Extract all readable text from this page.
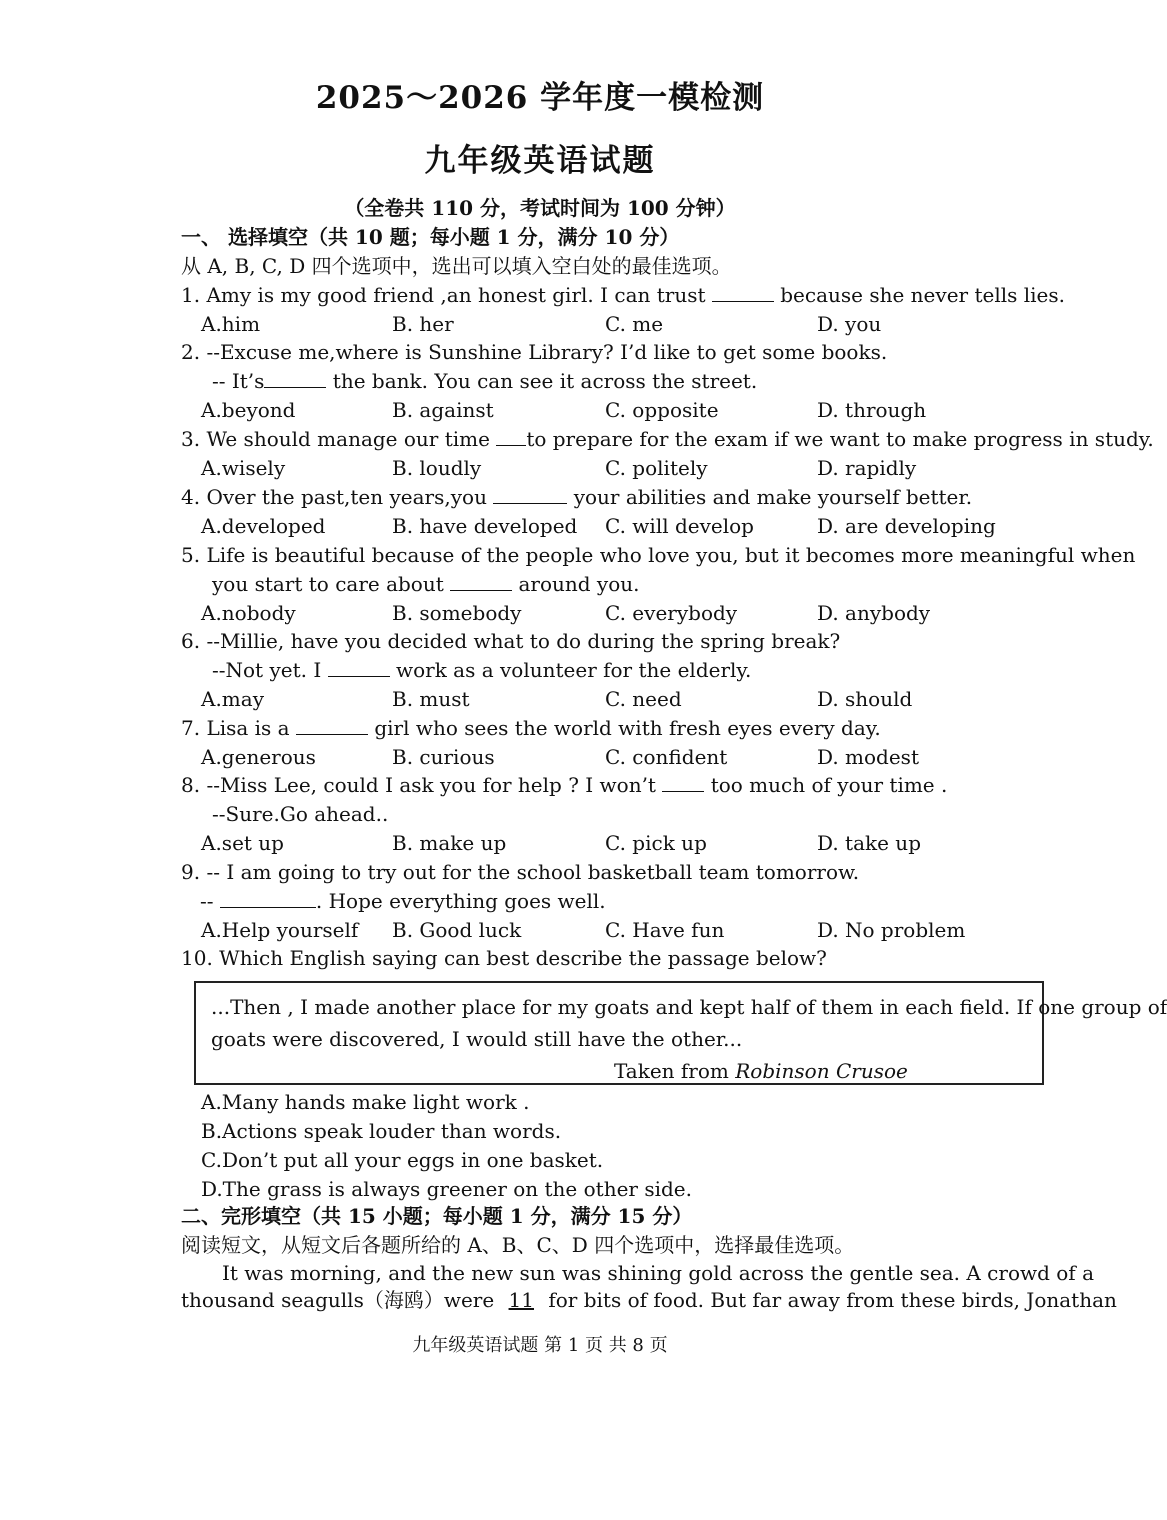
2025～2026 学年度一模检测
九年级英语试题
（全卷共 110 分，考试时间为 100 分钟）
一、 选择填空（共 10 题；每小题 1 分，满分 10 分）
从 A, B, C, D 四个选项中，选出可以填入空白处的最佳选项。
1. Amy is my good friend ,an honest girl. I can trust	because she never tells lies.
A.him	B. her	C. me	D. you
2. --Excuse me,where is Sunshine Library? I’d like to get some books.
-- It’s	the bank. You can see it across the street.
A.beyond	B. against	C. opposite	D. through
3. We should manage our time to prepare for the exam if we want to make progress in study.
A.wisely	B. loudly	C. politely	D. rapidly
4. Over the past,ten years,you	your abilities and make yourself better.
A.developed	B. have developed C. will develop	D. are developing
5. Life is beautiful because of the people who love you, but it becomes more meaningful when
you start to care about	around you.
A.nobody	B. somebody	C. everybody	D. anybody
6. --Millie, have you decided what to do during the spring break?
--Not yet. I	work as a volunteer for the elderly.
A.may	B. must	C. need	D. should
7. Lisa is a	girl who sees the world with fresh eyes every day.
A.generous	B. curious	C. confident	D. modest
8. --Miss Lee, could I ask you for help ? I won’t	too much of your time .
--Sure.Go ahead..
A.set up	B. make up	C. pick up	D. take up
9. -- I am going to try out for the school basketball team tomorrow.
--	. Hope everything goes well.
A.Help yourself B. Good luck	C. Have fun	D. No problem
10. Which English saying can best describe the passage below?
...Then , I made another place for my goats and kept half of them in each field. If one group of
goats were discovered, I would still have the other...
Taken from Robinson Crusoe
A.Many hands make light work .
B.Actions speak louder than words.
C.Don’t put all your eggs in one basket.
D.The grass is always greener on the other side.
二、完形填空（共 15 小题；每小题 1 分，满分 15 分）
阅读短文，从短文后各题所给的 A、B、C、D 四个选项中，选择最佳选项。
It was morning, and the new sun was shining gold across the gentle sea. A crowd of a
thousand seagulls（海鸥）were 11 for bits of food. But far away from these birds, Jonathan
九年级英语试题 第 1 页 共 8 页
